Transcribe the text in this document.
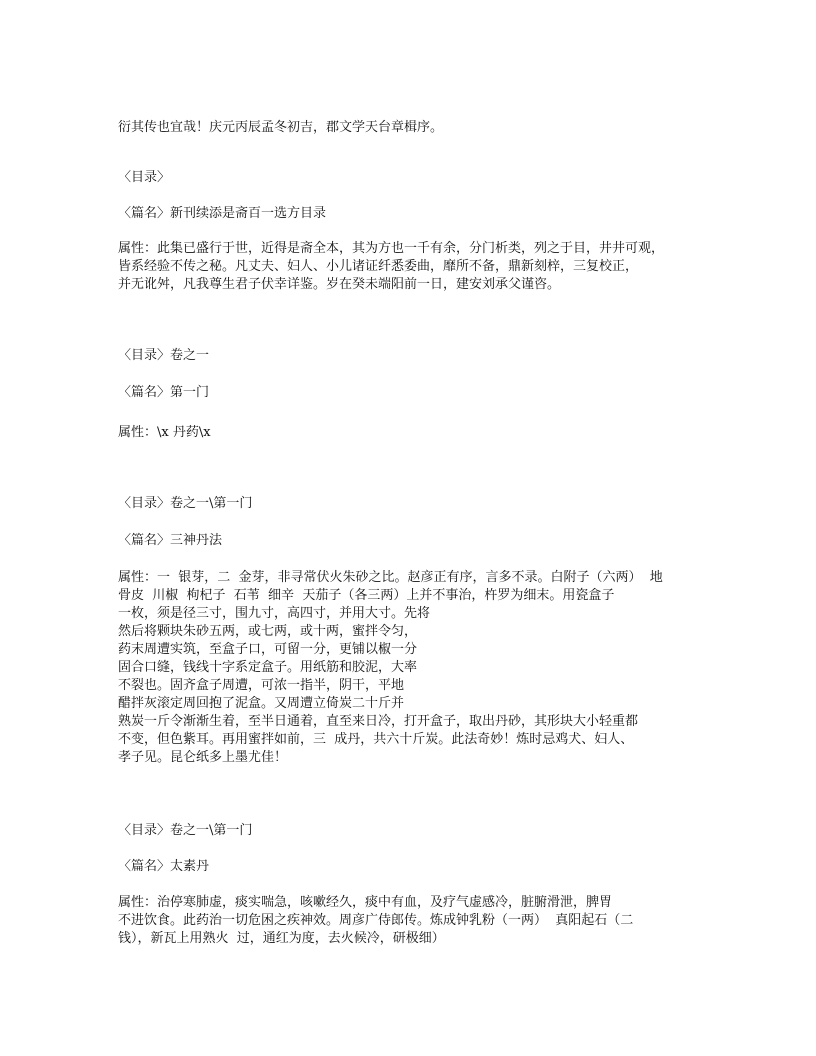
衍其传也宜哉！庆元丙辰孟冬初吉，郡文学天台章楫序。
〈目录〉
〈篇名〉新刊续添是斋百一选方目录
属性：此集已盛行于世，近得是斋全本，其为方也一千有余，分门析类，列之于目，井井可观，
皆系经验不传之秘。凡丈夫、妇人、小儿诸证纤悉委曲，靡所不备，鼎新刻梓，三复校正，
并无讹舛，凡我尊生君子伏幸详鉴。岁在癸未端阳前一日，建安刘承父谨咨。
〈目录〉卷之一
〈篇名〉第一门
属性：\x 丹药\x
〈目录〉卷之一\第一门
〈篇名〉三神丹法
属性：一  银芽，二  金芽，非寻常伏火朱砂之比。赵彦正有序，言多不录。白附子（六两）  地
骨皮  川椒  枸杞子  石苇  细辛  天茄子（各三两）上并不事治，杵罗为细末。用瓷盒子
一枚，须是径三寸，围九寸，高四寸，并用大寸。先将
然后将颗块朱砂五两，或七两，或十两，蜜拌令匀，
药末周遭实筑，至盒子口，可留一分，更铺以椒一分
固合口缝，钱线十字系定盒子。用纸筋和胶泥，大率
不裂也。固齐盒子周遭，可浓一指半，阴干，平地
醋拌灰滚定周回抱了泥盒。又周遭立倚炭二十斤并
熟炭一斤令渐渐生着，至半日通着，直至来日冷，打开盒子，取出丹砂，其形块大小轻重都
不变，但色紫耳。再用蜜拌如前，三  成丹，共六十斤炭。此法奇妙！炼时忌鸡犬、妇人、
孝子见。昆仑纸多上墨尤佳！
〈目录〉卷之一\第一门
〈篇名〉太素丹
属性：治停寒肺虚，痰实喘急，咳嗽经久，痰中有血，及疗气虚感冷，脏腑滑泄，脾胃
不进饮食。此药治一切危困之疾神效。周彦广侍郎传。炼成钟乳粉（一两）  真阳起石（二
钱），新瓦上用熟火  过，通红为度，去火候冷，研极细）
